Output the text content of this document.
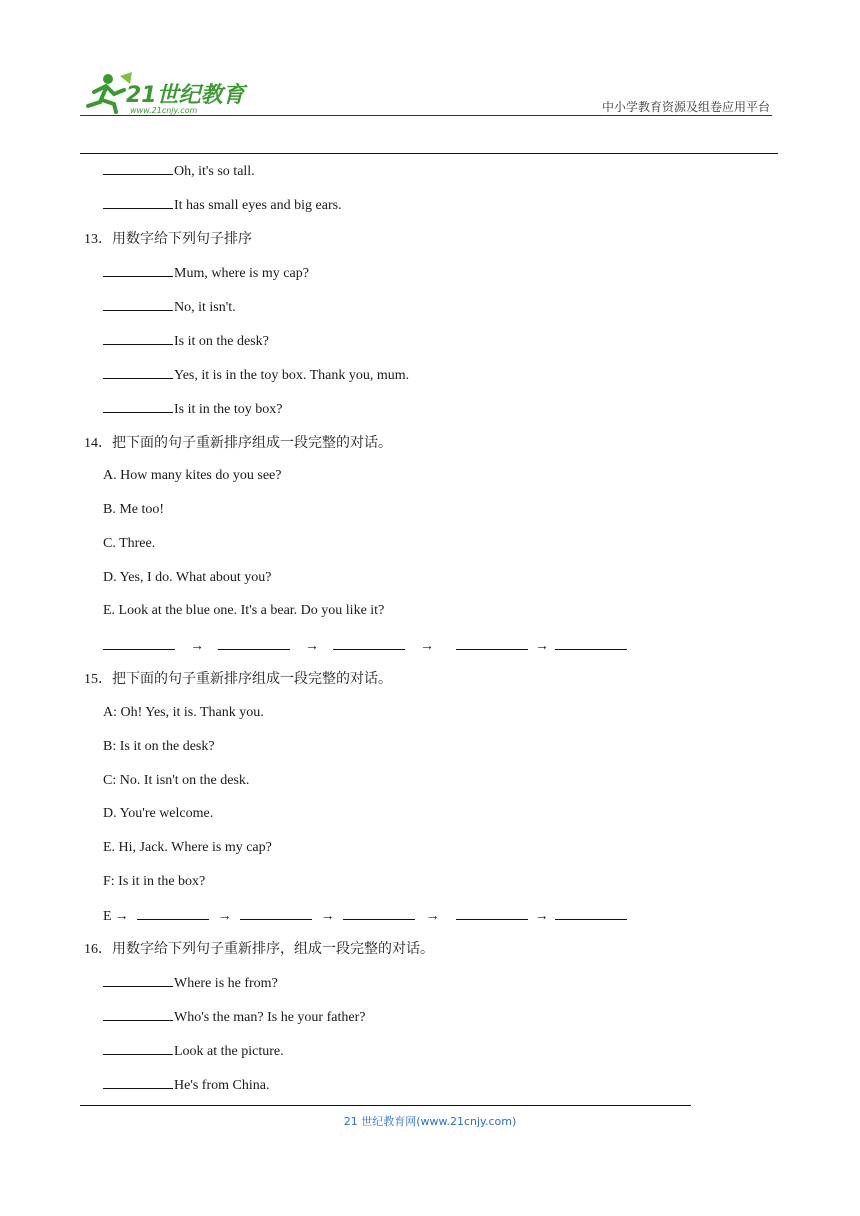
21世纪教育
www.21cnjy.com	中小学教育资源及组卷应用平台
Oh, it's so tall.
It has small eyes and big ears.
13．用数字给下列句子排序
Mum, where is my cap?
No, it isn't.
Is it on the desk?
Yes, it is in the toy box. Thank you, mum.
Is it in the toy box?
14．把下面的句子重新排序组成一段完整的对话。
A. How many kites do you see?
B. Me too!
C. Three.
D. Yes, I do. What about you?
E. Look at the blue one. It's a bear. Do you like it?
→	→	→	→
15．把下面的句子重新排序组成一段完整的对话。
A: Oh! Yes, it is. Thank you.
B: Is it on the desk?
C: No. It isn't on the desk.
D. You're welcome.
E. Hi, Jack. Where is my cap?
F: Is it in the box?
E →	→	→	→	→
16．用数字给下列句子重新排序，组成一段完整的对话。
Where is he from?
Who's the man? Is he your father?
Look at the picture.
He's from China.
21 世纪教育网(www.21cnjy.com)
